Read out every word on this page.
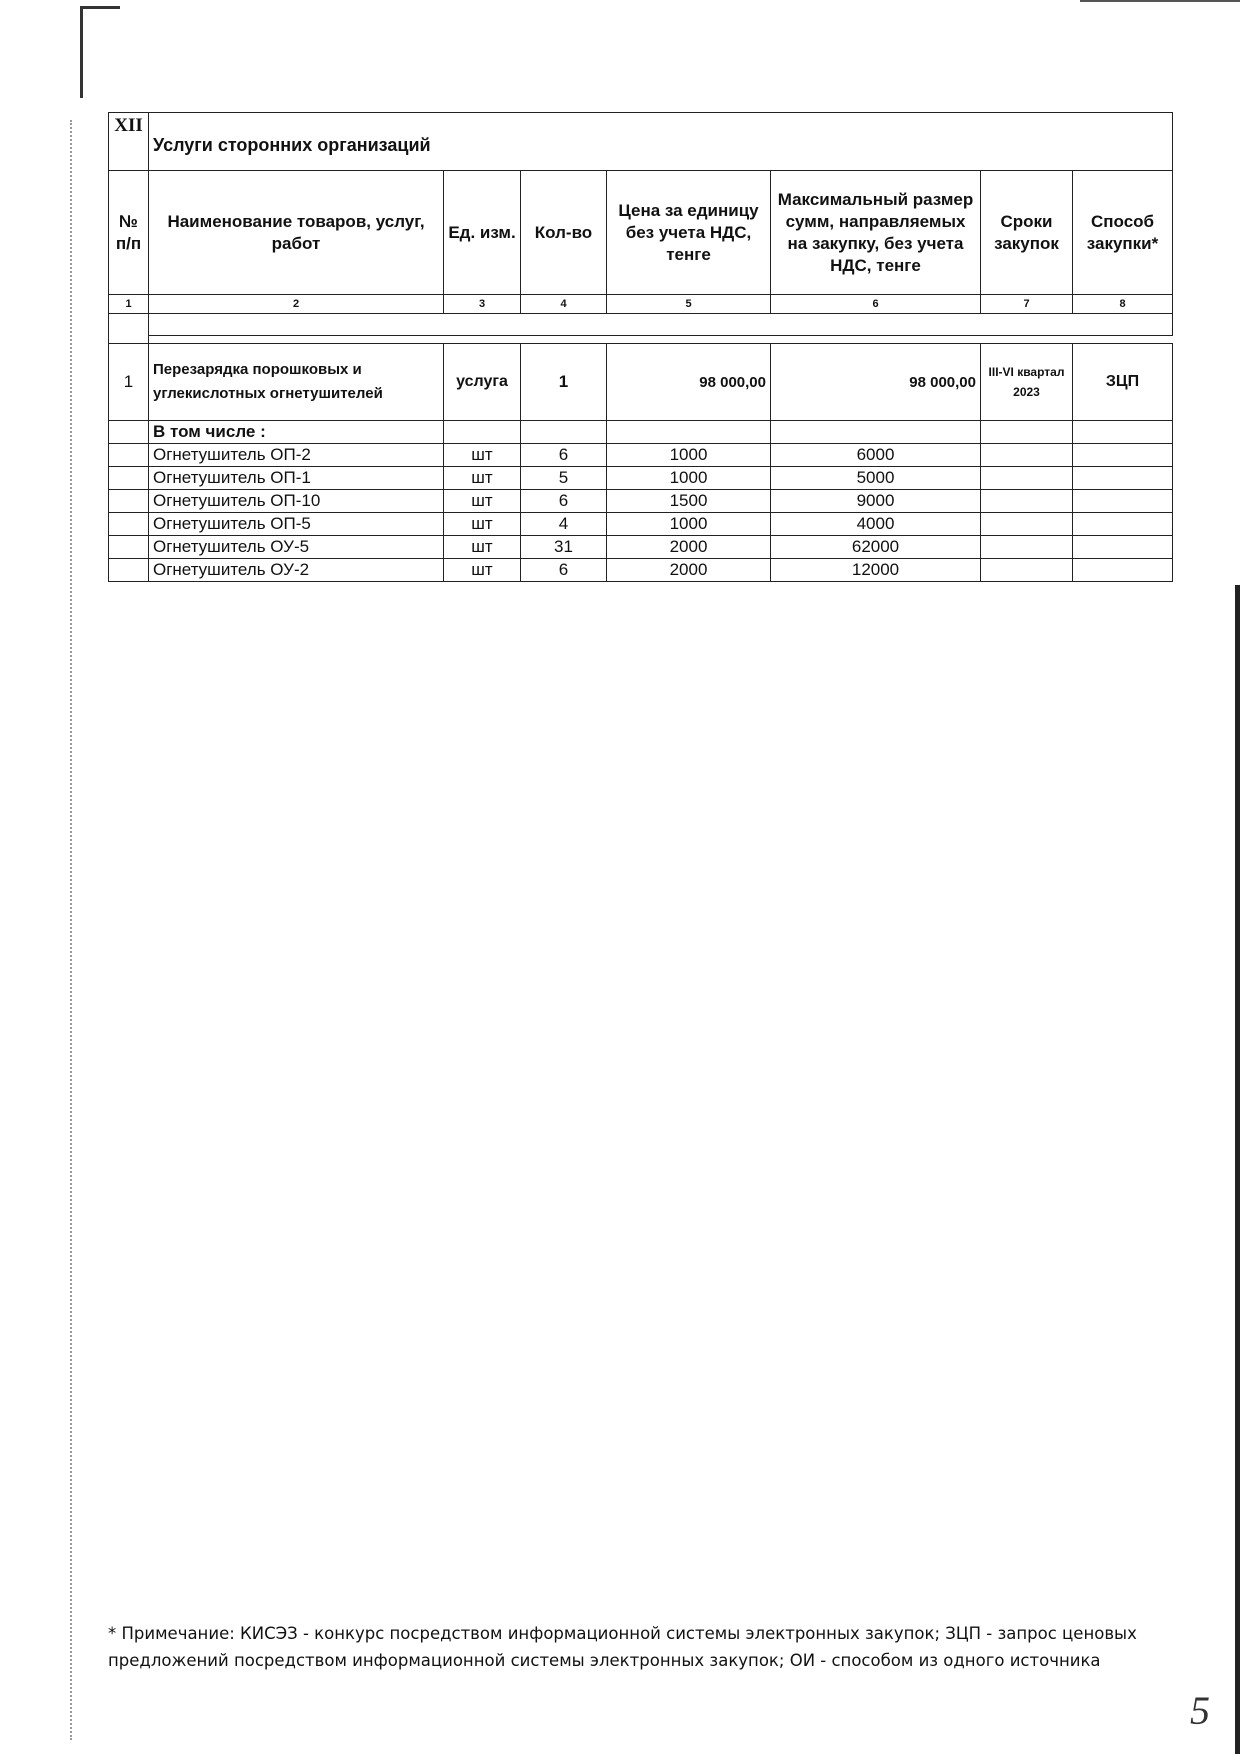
XII	Услуги сторонних организаций						
№ п/п	Наименование товаров, услуг, работ	Ед. изм.	Кол-во	Цена за единицу без учета НДС, тенге	Максимальный размер сумм, направляемых на закупку, без учета НДС, тенге	Сроки закупок	Способ закупки*
1	2	3	4	5	6	7	8

1	Перезарядка порошковых и углекислотных огнетушителей	услуга	1	98 000,00	98 000,00	III-VI квартал 2023	ЗЦП
	В том числе :						
	Огнетушитель ОП-2	шт	6	1000	6000		
	Огнетушитель ОП-1	шт	5	1000	5000		
	Огнетушитель ОП-10	шт	6	1500	9000		
	Огнетушитель ОП-5	шт	4	1000	4000		
	Огнетушитель ОУ-5	шт	31	2000	62000		
	Огнетушитель ОУ-2	шт	6	2000	12000		
* Примечание: КИСЭЗ - конкурс посредством информационной системы электронных закупок; ЗЦП - запрос ценовых предложений посредством информационной системы электронных закупок; ОИ - способом из одного источника
5
